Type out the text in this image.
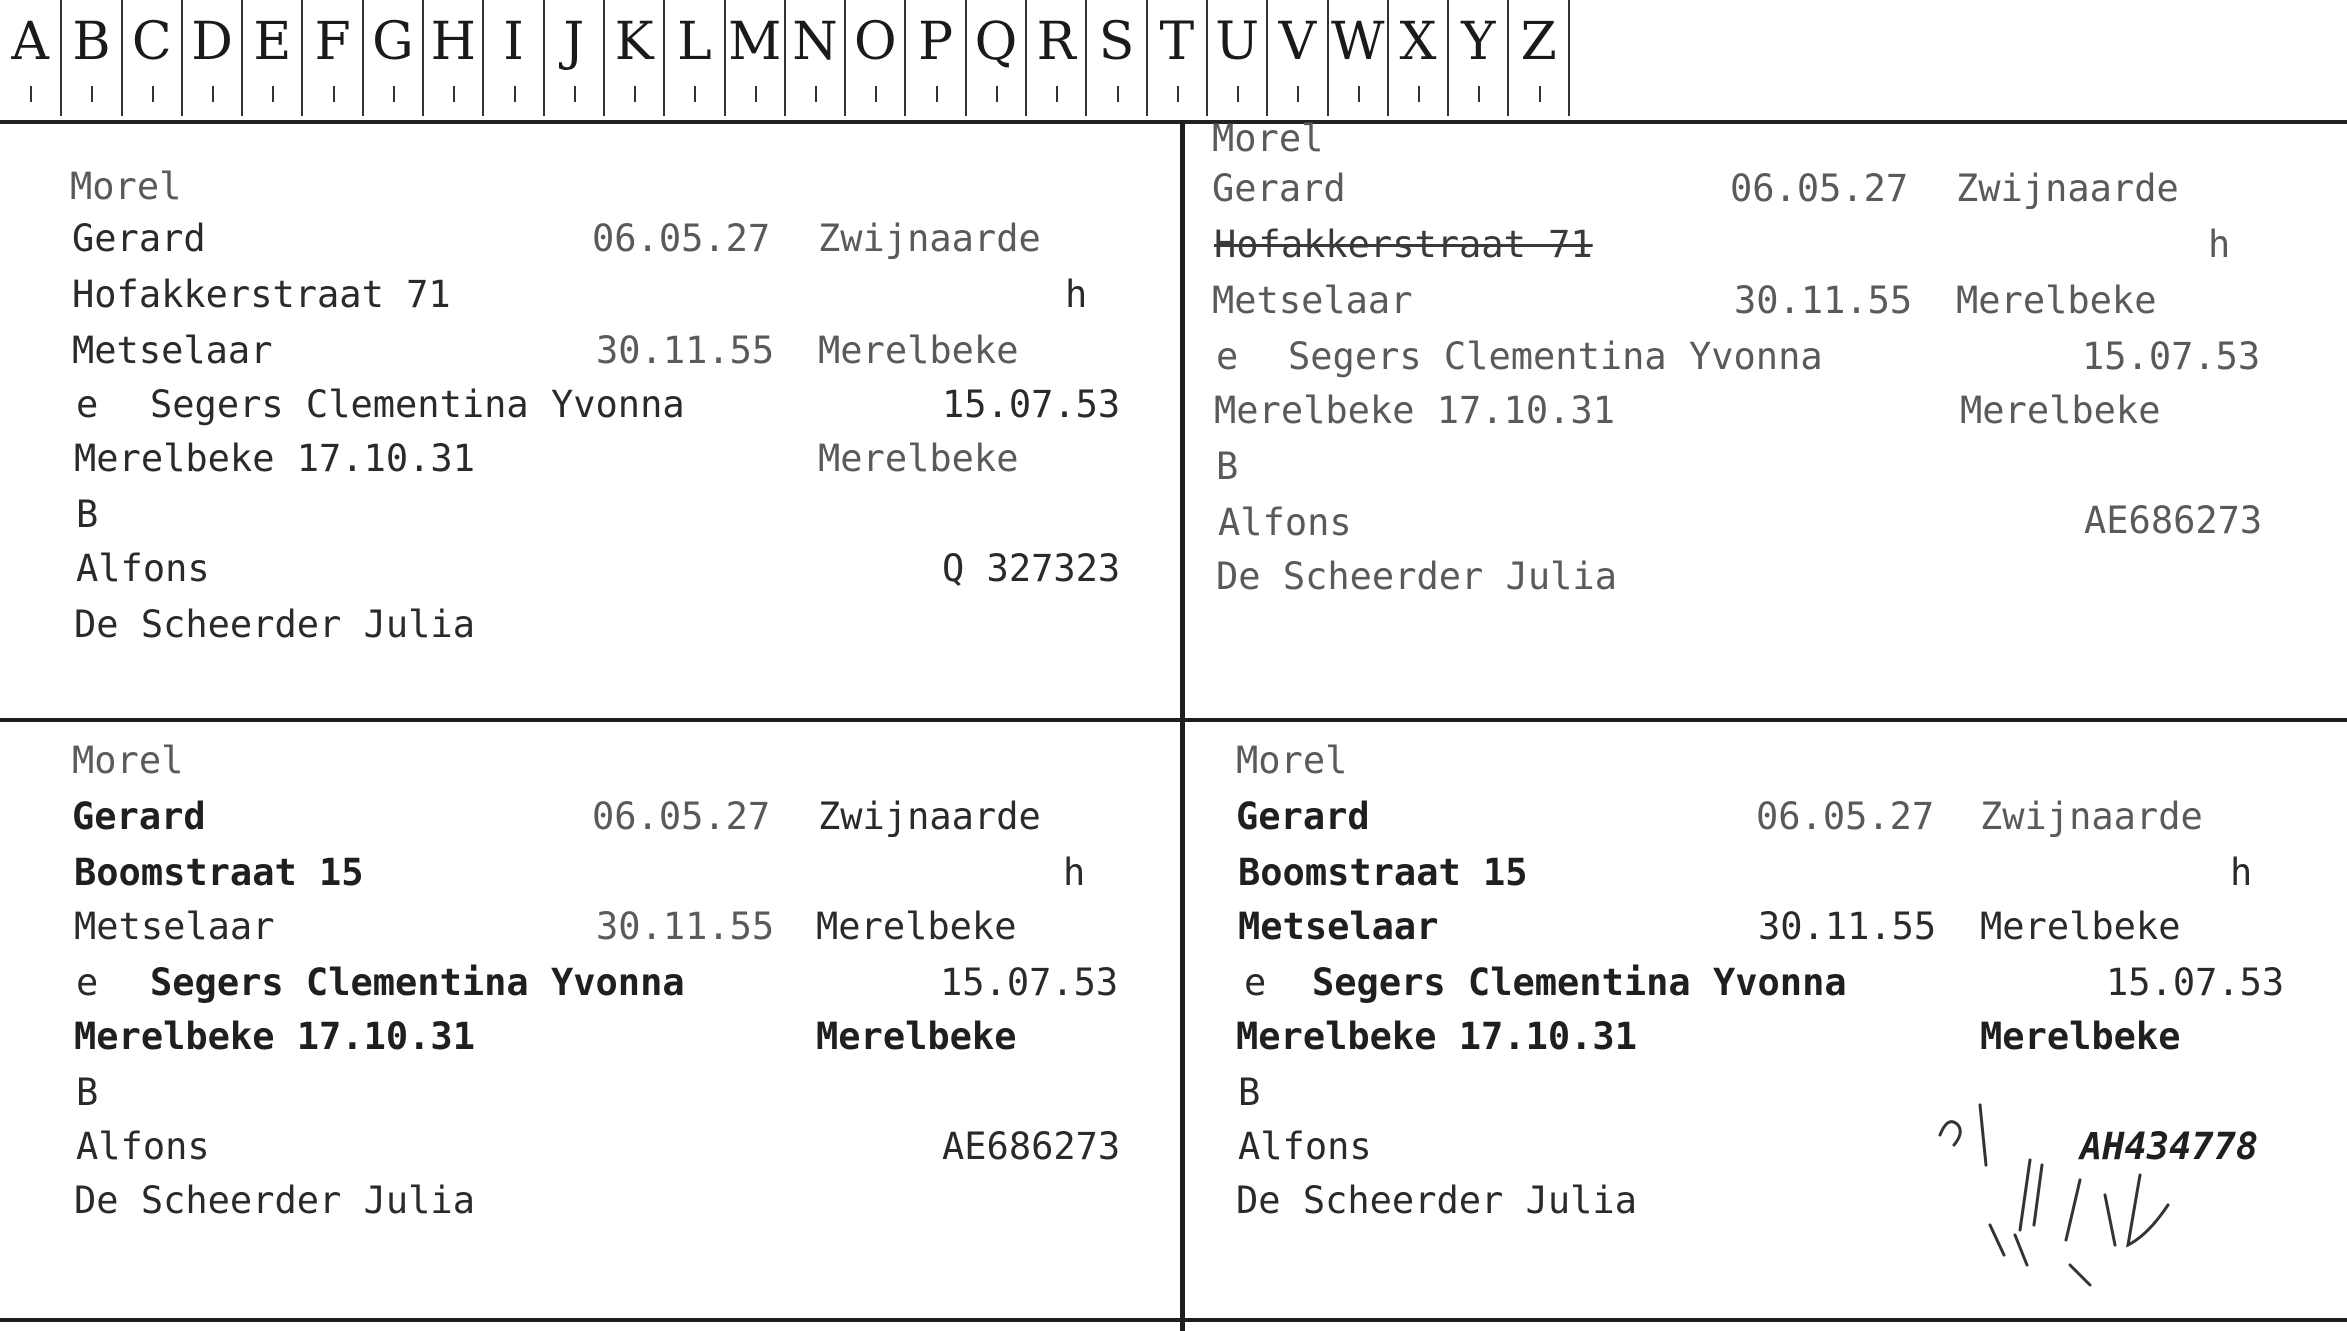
A B C D E F G H I J K L M N O P Q R S T U V W X Y Z
Morel
Gerard	06.05.27 Zwijnaarde
Hofakkerstraat 71	h
Metselaar	30.11.55 Merelbeke
e Segers Clementina Yvonna	15.07.53
Merelbeke 17.10.31	Merelbeke
B
Alfons	Q 327323
De Scheerder Julia
Morel
Gerard	06.05.27 Zwijnaarde
Hofakkerstraat 71	h
Metselaar	30.11.55 Merelbeke
e Segers Clementina Yvonna	15.07.53
Merelbeke 17.10.31	Merelbeke
B
Alfons	AE686273
De Scheerder Julia
Morel
Gerard	06.05.27 Zwijnaarde
Boomstraat 15	h
Metselaar	30.11.55 Merelbeke
e Segers Clementina Yvonna	15.07.53
Merelbeke 17.10.31	Merelbeke
B
Alfons	AE686273
De Scheerder Julia
Morel
Gerard	06.05.27 Zwijnaarde
Boomstraat 15	h
Metselaar	30.11.55 Merelbeke
e Segers Clementina Yvonna	15.07.53
Merelbeke 17.10.31	Merelbeke
B
Alfons	AH434778
De Scheerder Julia
